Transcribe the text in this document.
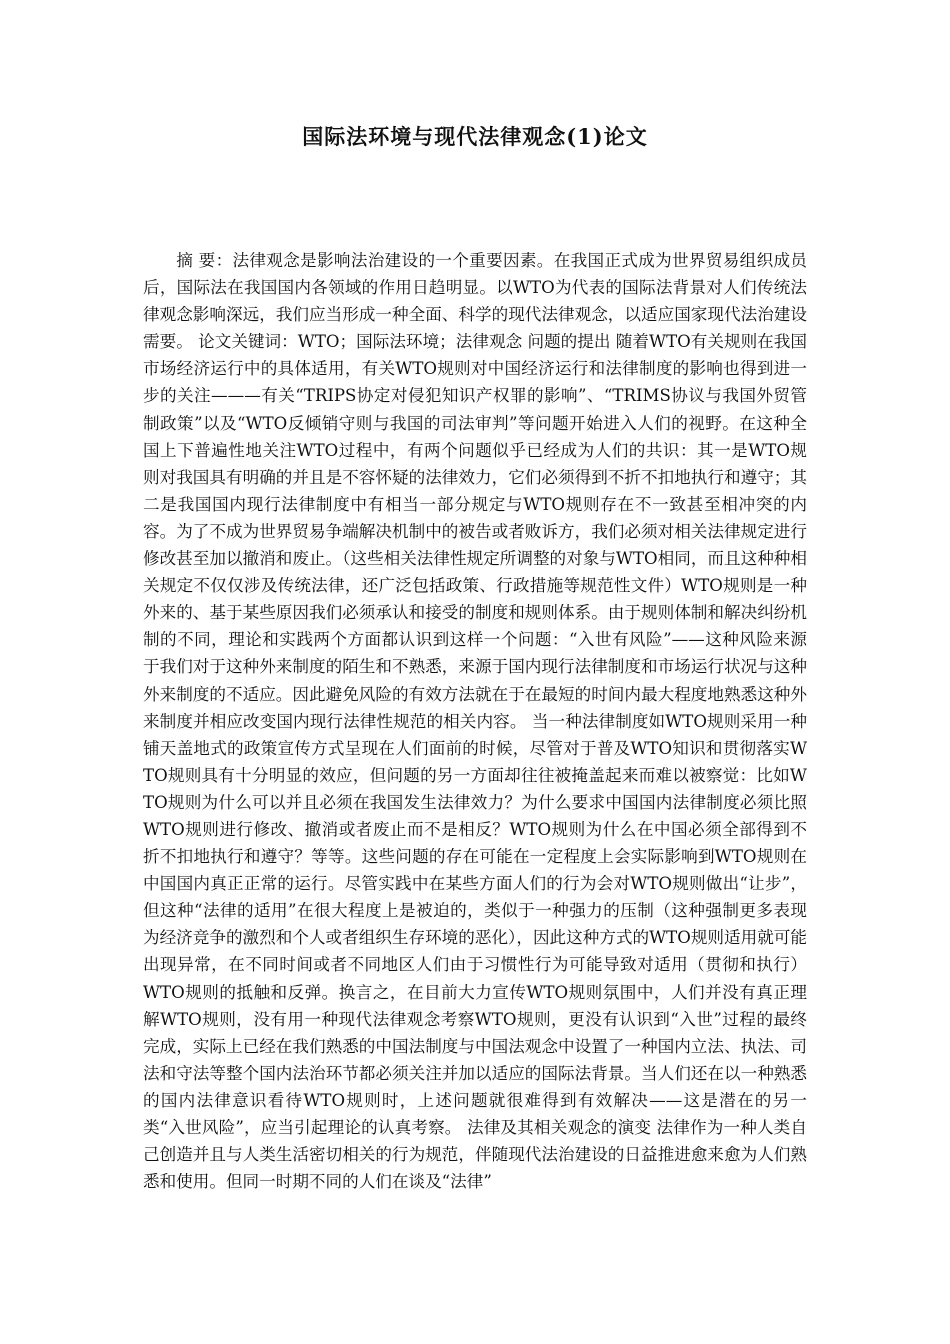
国际法环境与现代法律观念(1)论文

摘 要：法律观念是影响法治建设的一个重要因素。在我国正式成为世界贸易组织成员后，国际法在我国国内各领域的作用日趋明显。以WTO为代表的国际法背景对人们传统法律观念影响深远，我们应当形成一种全面、科学的现代法律观念，以适应国家现代法治建设需要。 论文关键词：WTO；国际法环境；法律观念 问题的提出 随着WTO有关规则在我国市场经济运行中的具体适用，有关WTO规则对中国经济运行和法律制度的影响也得到进一步的关注———有关“TRIPS协定对侵犯知识产权罪的影响”、“TRIMS协议与我国外贸管制政策”以及“WTO反倾销守则与我国的司法审判”等问题开始进入人们的视野。在这种全国上下普遍性地关注WTO过程中，有两个问题似乎已经成为人们的共识：其一是WTO规则对我国具有明确的并且是不容怀疑的法律效力，它们必须得到不折不扣地执行和遵守；其二是我国国内现行法律制度中有相当一部分规定与WTO规则存在不一致甚至相冲突的内容。为了不成为世界贸易争端解决机制中的被告或者败诉方，我们必须对相关法律规定进行修改甚至加以撤消和废止。（这些相关法律性规定所调整的对象与WTO相同，而且这种种相关规定不仅仅涉及传统法律，还广泛包括政策、行政措施等规范性文件）WTO规则是一种外来的、基于某些原因我们必须承认和接受的制度和规则体系。由于规则体制和解决纠纷机制的不同，理论和实践两个方面都认识到这样一个问题：“入世有风险”——这种风险来源于我们对于这种外来制度的陌生和不熟悉，来源于国内现行法律制度和市场运行状况与这种外来制度的不适应。因此避免风险的有效方法就在于在最短的时间内最大程度地熟悉这种外来制度并相应改变国内现行法律性规范的相关内容。 当一种法律制度如WTO规则采用一种铺天盖地式的政策宣传方式呈现在人们面前的时候，尽管对于普及WTO知识和贯彻落实WTO规则具有十分明显的效应，但问题的另一方面却往往被掩盖起来而难以被察觉：比如WTO规则为什么可以并且必须在我国发生法律效力？为什么要求中国国内法律制度必须比照WTO规则进行修改、撤消或者废止而不是相反？WTO规则为什么在中国必须全部得到不折不扣地执行和遵守？等等。这些问题的存在可能在一定程度上会实际影响到WTO规则在中国国内真正正常的运行。尽管实践中在某些方面人们的行为会对WTO规则做出“让步”，但这种“法律的适用”在很大程度上是被迫的，类似于一种强力的压制（这种强制更多表现为经济竞争的激烈和个人或者组织生存环境的恶化），因此这种方式的WTO规则适用就可能出现异常，在不同时间或者不同地区人们由于习惯性行为可能导致对适用（贯彻和执行）WTO规则的抵触和反弹。换言之，在目前大力宣传WTO规则氛围中，人们并没有真正理解WTO规则，没有用一种现代法律观念考察WTO规则，更没有认识到“入世”过程的最终完成，实际上已经在我们熟悉的中国法制度与中国法观念中设置了一种国内立法、执法、司法和守法等整个国内法治环节都必须关注并加以适应的国际法背景。当人们还在以一种熟悉的国内法律意识看待WTO规则时，上述问题就很难得到有效解决——这是潜在的另一类“入世风险”，应当引起理论的认真考察。 法律及其相关观念的演变 法律作为一种人类自己创造并且与人类生活密切相关的行为规范，伴随现代法治建设的日益推进愈来愈为人们熟悉和使用。但同一时期不同的人们在谈及“法律”
